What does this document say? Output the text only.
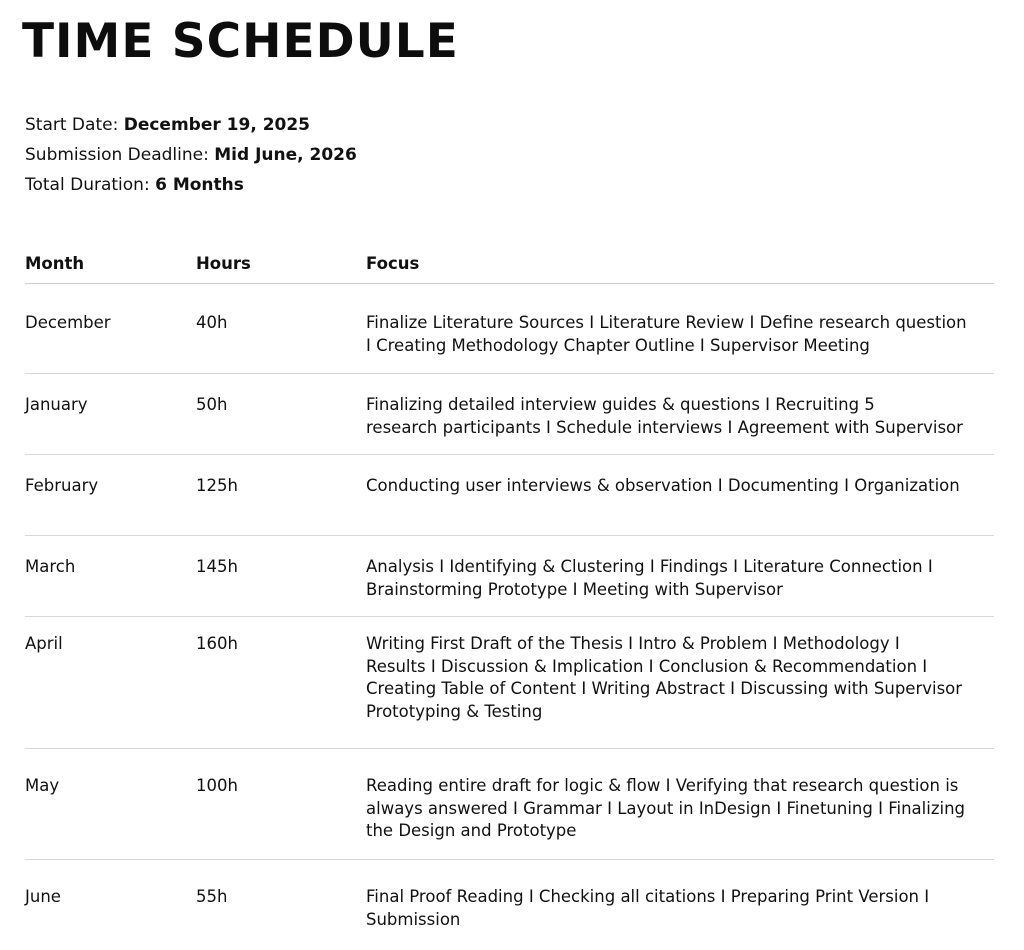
TIME SCHEDULE
Start Date: December 19, 2025
Submission Deadline: Mid June, 2026
Total Duration: 6 Months
Month	Hours	Focus
December	40h	Finalize Literature Sources I Literature Review I Define research question
I Creating Methodology Chapter Outline I Supervisor Meeting
January	50h	Finalizing detailed interview guides & questions I Recruiting 5
research participants I Schedule interviews I Agreement with Supervisor
February	125h	Conducting user interviews & observation I Documenting I Organization
March	145h	Analysis I Identifying & Clustering I Findings I Literature Connection I
Brainstorming Prototype I Meeting with Supervisor
April	160h	Writing First Draft of the Thesis I Intro & Problem I Methodology I
Results I Discussion & Implication I Conclusion & Recommendation I
Creating Table of Content I Writing Abstract I Discussing with Supervisor
Prototyping & Testing
May	100h	Reading entire draft for logic & flow I Verifying that research question is
always answered I Grammar I Layout in InDesign I Finetuning I Finalizing
the Design and Prototype
June	55h	Final Proof Reading I Checking all citations I Preparing Print Version I
Submission
